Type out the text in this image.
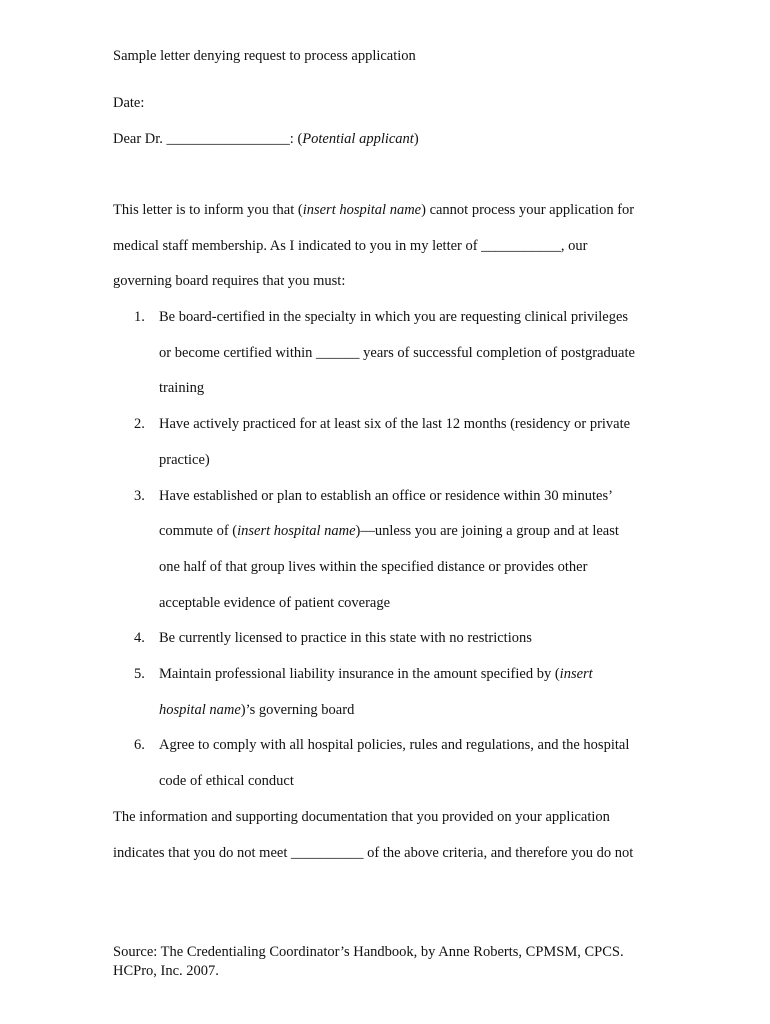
Sample letter denying request to process application
Date:
Dear Dr. _________________: (Potential applicant)
This letter is to inform you that (insert hospital name) cannot process your application for
medical staff membership. As I indicated to you in my letter of ___________, our
governing board requires that you must:
1. Be board-certified in the specialty in which you are requesting clinical privileges
or become certified within ______ years of successful completion of postgraduate
training
2. Have actively practiced for at least six of the last 12 months (residency or private
practice)
3. Have established or plan to establish an office or residence within 30 minutes’
commute of (insert hospital name)—unless you are joining a group and at least
one half of that group lives within the specified distance or provides other
acceptable evidence of patient coverage
4. Be currently licensed to practice in this state with no restrictions
5. Maintain professional liability insurance in the amount specified by (insert
hospital name)’s governing board
6. Agree to comply with all hospital policies, rules and regulations, and the hospital
code of ethical conduct
The information and supporting documentation that you provided on your application
indicates that you do not meet __________ of the above criteria, and therefore you do not
Source: The Credentialing Coordinator’s Handbook, by Anne Roberts, CPMSM, CPCS.
HCPro, Inc. 2007.
